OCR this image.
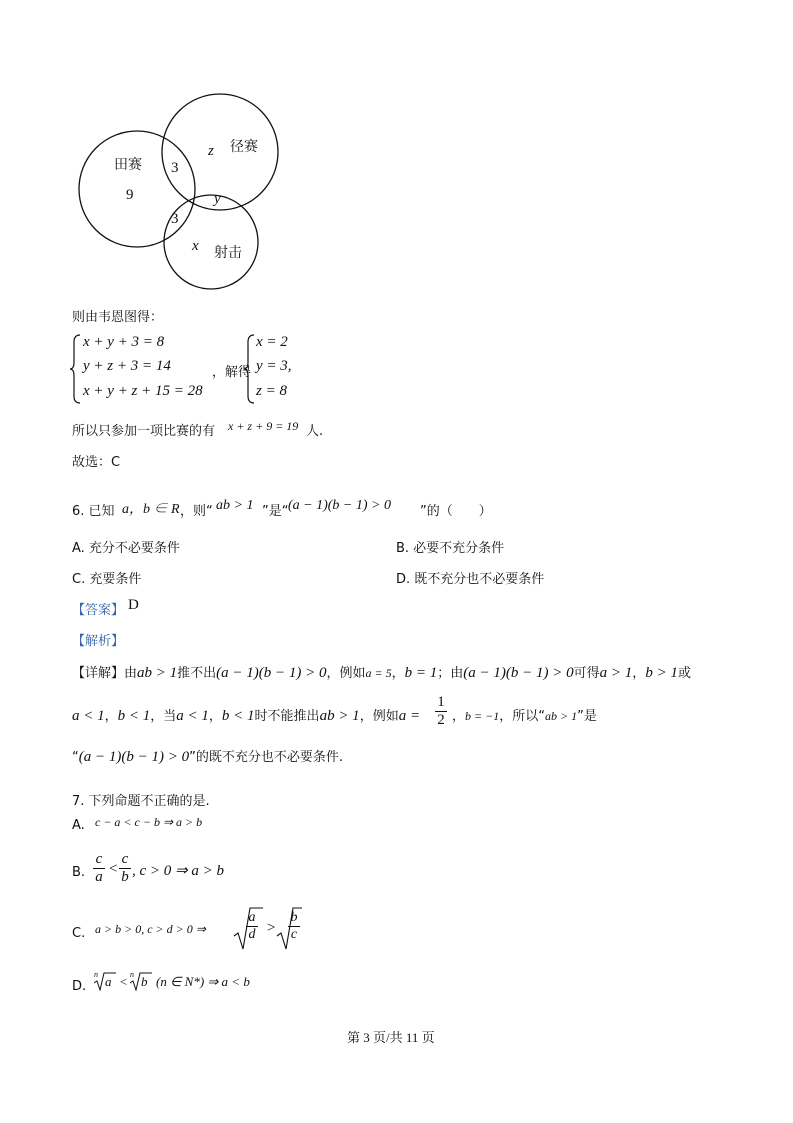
田赛
9
径赛
z
3
3
y
x 射击
则由韦恩图得：
x + y + 3 = 8
y + z + 3 = 14
x + y + z + 15 = 28
，解得
x = 2
y = 3,
z = 8
所以只参加一项比赛的有 x + z + 9 = 19 人.
故选：C
6. 已知 a，b ∈ R ，则“ ab > 1 ”是“ (a − 1)(b − 1) > 0 ”的（　　）
A. 充分不必要条件	B. 必要不充分条件
C. 充要条件	D. 既不充分也不必要条件
【答案】 D
【解析】
【详解】由ab > 1推不出(a − 1)(b − 1) > 0，例如a = 5，b = 1；由(a − 1)(b − 1) > 0可得a > 1，b > 1或
a < 1，b < 1，当a < 1，b < 1时不能推出ab > 1，例如a =
1
2 ，b = −1，所以“ab > 1”是
“(a − 1)(b − 1) > 0”的既不充分也不必要条件.
7. 下列命题不正确的是.
A. c − a < c − b ⇒ a > b
B.
c
a <
c
b , c > 0 ⇒ a > b
C. a > b > 0, c > d > 0 ⇒
a
d >
b
c
D.
n a < n b (n ∈ N*) ⇒ a < b
第 3 页/共 11 页
